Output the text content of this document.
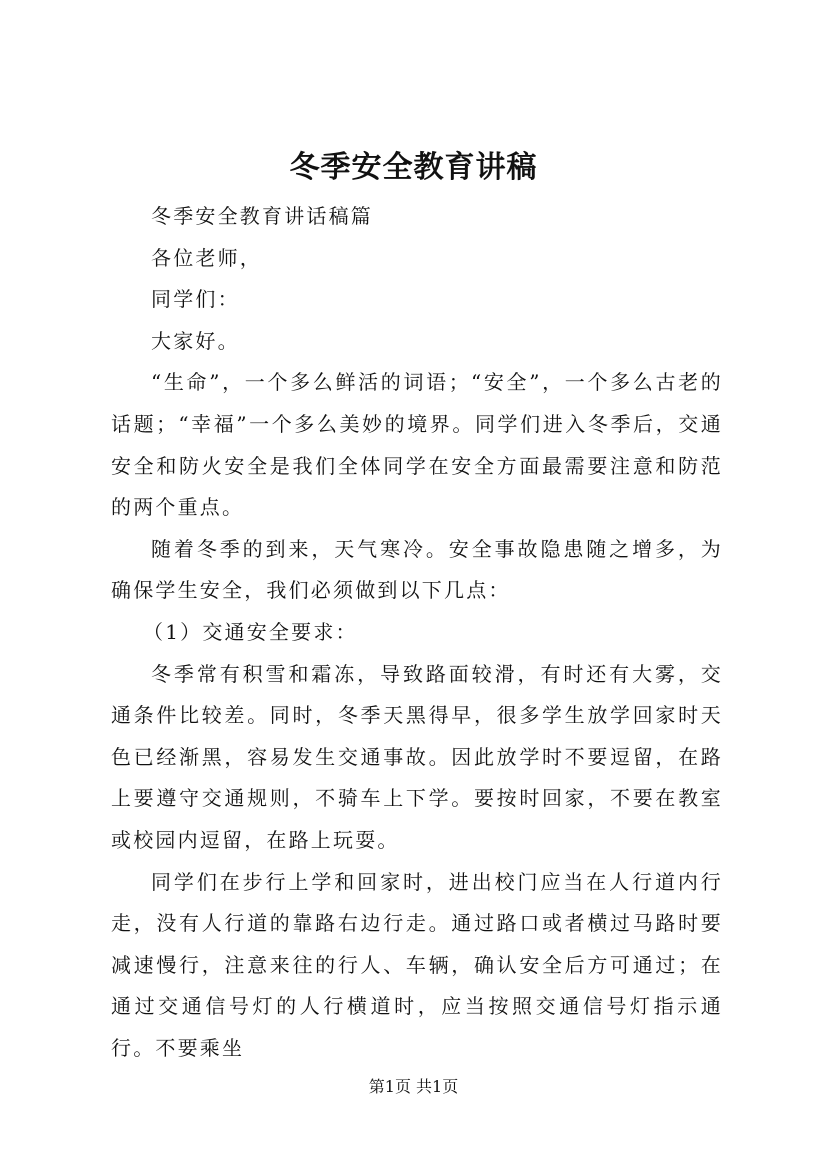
冬季安全教育讲稿

冬季安全教育讲话稿篇

各位老师，

同学们：

大家好。

“生命”，一个多么鲜活的词语；“安全”，一个多么古老的话题；“幸福”一个多么美妙的境界。同学们进入冬季后，交通安全和防火安全是我们全体同学在安全方面最需要注意和防范的两个重点。

随着冬季的到来，天气寒冷。安全事故隐患随之增多，为确保学生安全，我们必须做到以下几点：

（1）交通安全要求：

冬季常有积雪和霜冻，导致路面较滑，有时还有大雾，交通条件比较差。同时，冬季天黑得早，很多学生放学回家时天色已经渐黑，容易发生交通事故。因此放学时不要逗留，在路上要遵守交通规则，不骑车上下学。要按时回家，不要在教室或校园内逗留，在路上玩耍。

同学们在步行上学和回家时，进出校门应当在人行道内行走，没有人行道的靠路右边行走。通过路口或者横过马路时要减速慢行，注意来往的行人、车辆，确认安全后方可通过；在通过交通信号灯的人行横道时，应当按照交通信号灯指示通行。不要乘坐

第1页 共1页
